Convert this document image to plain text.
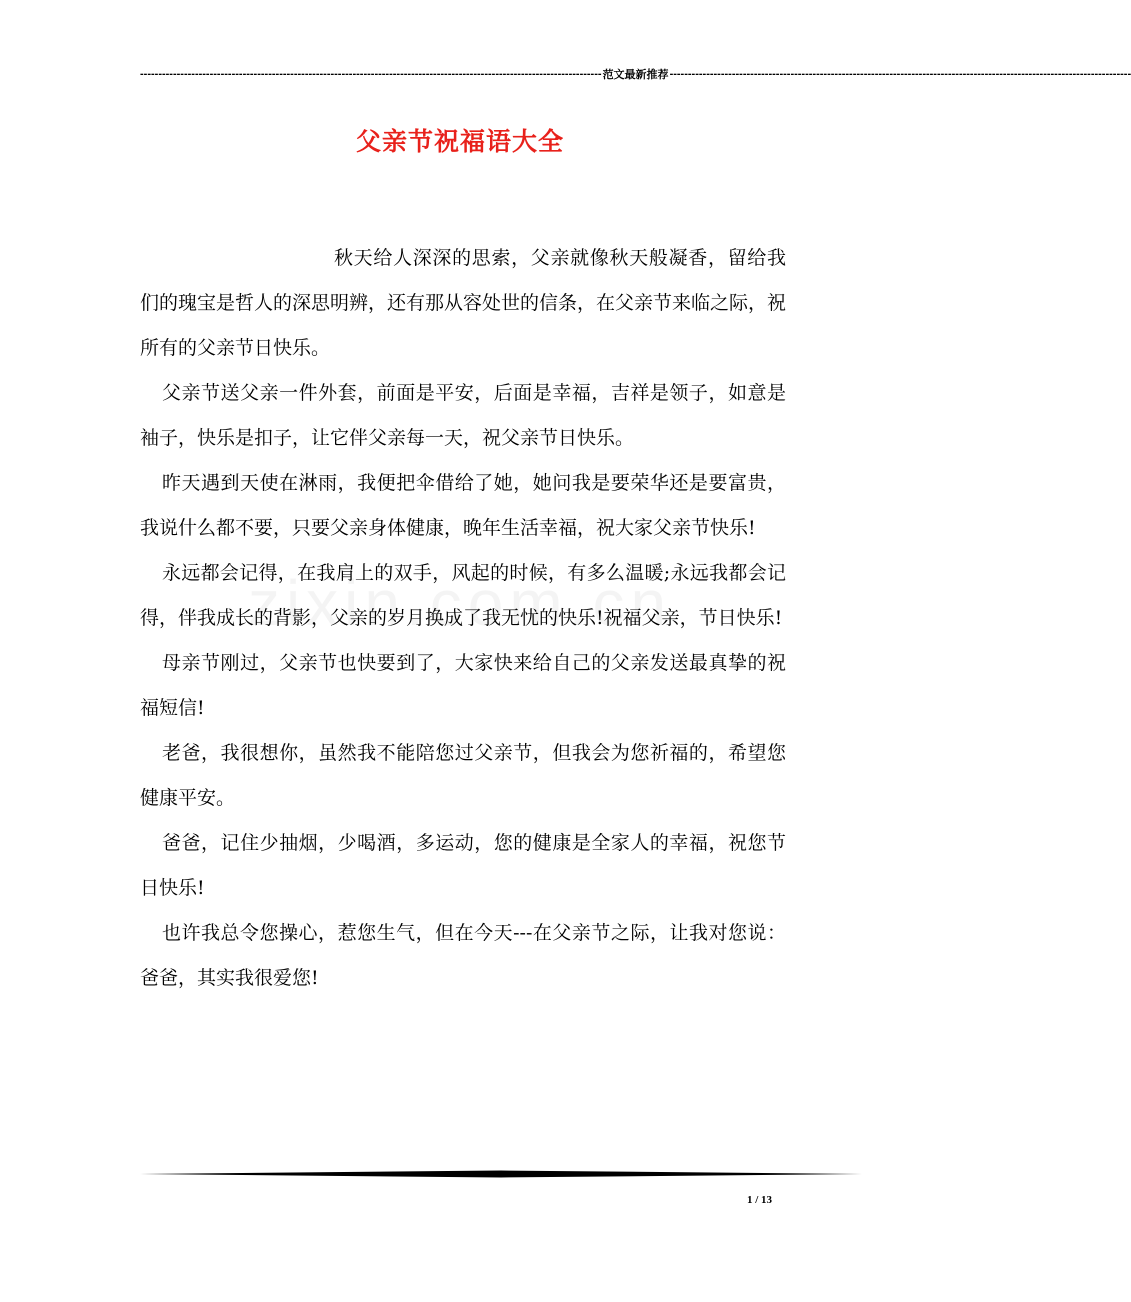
------------------------------------------------------------------------------------------------------------------------------ 范文最新推荐 ------------------------------------------------------------------------------------------------------------------------------
父亲节祝福语大全

秋天给人深深的思索，父亲就像秋天般凝香，留给我们的瑰宝是哲人的深思明辨，还有那从容处世的信条，在父亲节来临之际，祝所有的父亲节日快乐。

父亲节送父亲一件外套，前面是平安，后面是幸福，吉祥是领子，如意是袖子，快乐是扣子，让它伴父亲每一天，祝父亲节日快乐。

昨天遇到天使在淋雨，我便把伞借给了她，她问我是要荣华还是要富贵，我说什么都不要，只要父亲身体健康，晚年生活幸福，祝大家父亲节快乐!

永远都会记得，在我肩上的双手，风起的时候，有多么温暖;永远我都会记得，伴我成长的背影，父亲的岁月换成了我无忧的快乐!祝福父亲，节日快乐!

母亲节刚过，父亲节也快要到了，大家快来给自己的父亲发送最真挚的祝福短信!

老爸，我很想你，虽然我不能陪您过父亲节，但我会为您祈福的，希望您健康平安。

爸爸，记住少抽烟，少喝酒，多运动，您的健康是全家人的幸福，祝您节日快乐!

也许我总令您操心，惹您生气，但在今天---在父亲节之际，让我对您说：爸爸，其实我很爱您!

1 / 13
